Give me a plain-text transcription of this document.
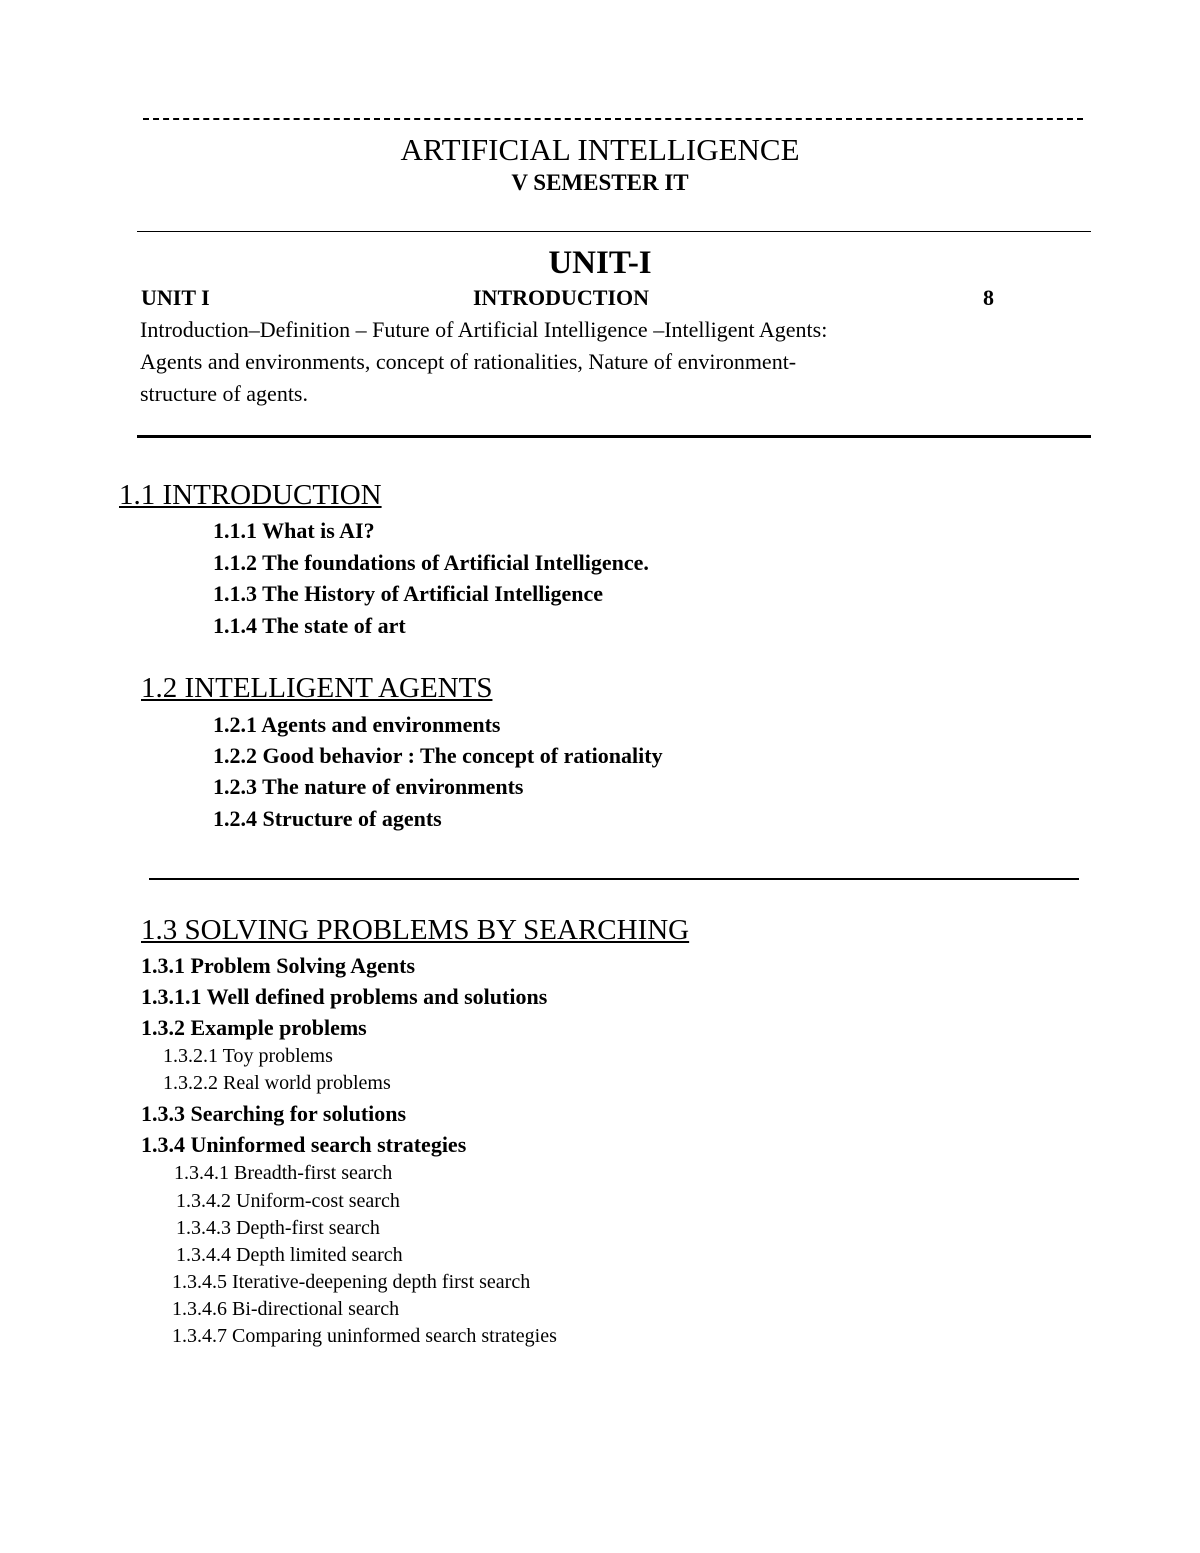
ARTIFICIAL INTELLIGENCE
V SEMESTER IT
UNIT-I
UNIT I	INTRODUCTION	8
Introduction–Definition – Future of Artificial Intelligence –Intelligent Agents:
Agents and environments, concept of rationalities, Nature of environment-
structure of agents.
1.1 INTRODUCTION
1.1.1 What is AI?
1.1.2 The foundations of Artificial Intelligence.
1.1.3 The History of Artificial Intelligence
1.1.4 The state of art
1.2 INTELLIGENT AGENTS
1.2.1 Agents and environments
1.2.2 Good behavior : The concept of rationality
1.2.3 The nature of environments
1.2.4 Structure of agents
1.3 SOLVING PROBLEMS BY SEARCHING
1.3.1 Problem Solving Agents
1.3.1.1 Well defined problems and solutions
1.3.2 Example problems
1.3.2.1 Toy problems
1.3.2.2 Real world problems
1.3.3 Searching for solutions
1.3.4 Uninformed search strategies
1.3.4.1 Breadth-first search
1.3.4.2 Uniform-cost search
1.3.4.3 Depth-first search
1.3.4.4 Depth limited search
1.3.4.5 Iterative-deepening depth first search
1.3.4.6 Bi-directional search
1.3.4.7 Comparing uninformed search strategies
